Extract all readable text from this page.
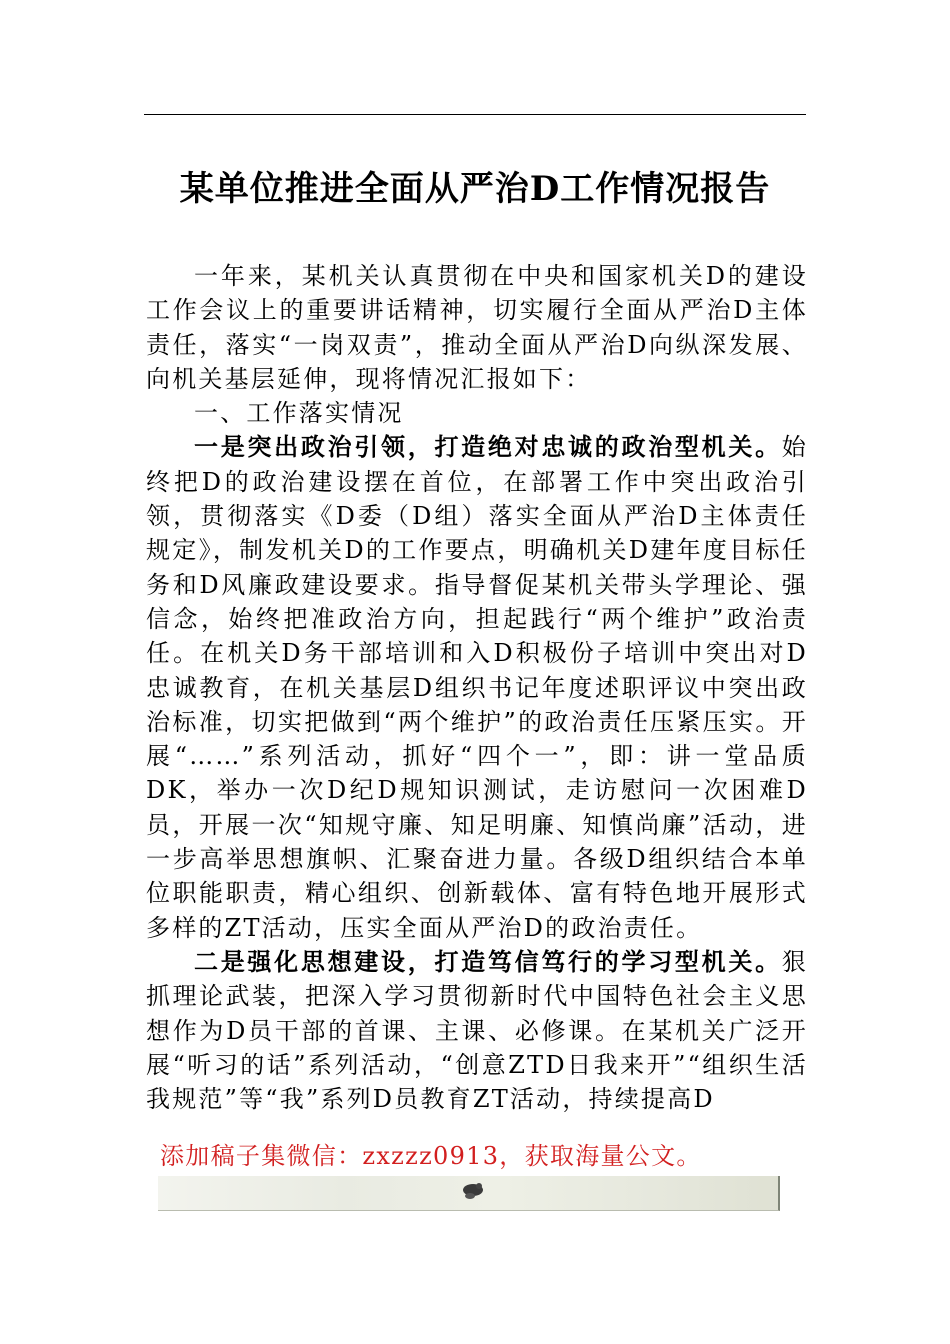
某单位推进全面从严治D工作情况报告

一年来，某机关认真贯彻在中央和国家机关D的建设工作会议上的重要讲话精神，切实履行全面从严治D主体责任，落实“一岗双责”，推动全面从严治D向纵深发展、向机关基层延伸，现将情况汇报如下：

一、工作落实情况

一是突出政治引领，打造绝对忠诚的政治型机关。始终把D的政治建设摆在首位，在部署工作中突出政治引领，贯彻落实《D委（D组）落实全面从严治D主体责任规定》，制发机关D的工作要点，明确机关D建年度目标任务和D风廉政建设要求。指导督促某机关带头学理论、强信念，始终把准政治方向，担起践行“两个维护”政治责任。在机关D务干部培训和入D积极份子培训中突出对D忠诚教育，在机关基层D组织书记年度述职评议中突出政治标准，切实把做到“两个维护”的政治责任压紧压实。开展“……”系列活动，抓好“四个一”，即：讲一堂品质DK，举办一次D纪D规知识测试，走访慰问一次困难D员，开展一次“知规守廉、知足明廉、知慎尚廉”活动，进一步高举思想旗帜、汇聚奋进力量。各级D组织结合本单位职能职责，精心组织、创新载体、富有特色地开展形式多样的ZT活动，压实全面从严治D的政治责任。

二是强化思想建设，打造笃信笃行的学习型机关。狠抓理论武装，把深入学习贯彻新时代中国特色社会主义思想作为D员干部的首课、主课、必修课。在某机关广泛开展“听习的话”系列活动，“创意ZTD日我来开”“组织生活我规范”等“我”系列D员教育ZT活动，持续提高D

添加稿子集微信：zxzzz0913，获取海量公文。
